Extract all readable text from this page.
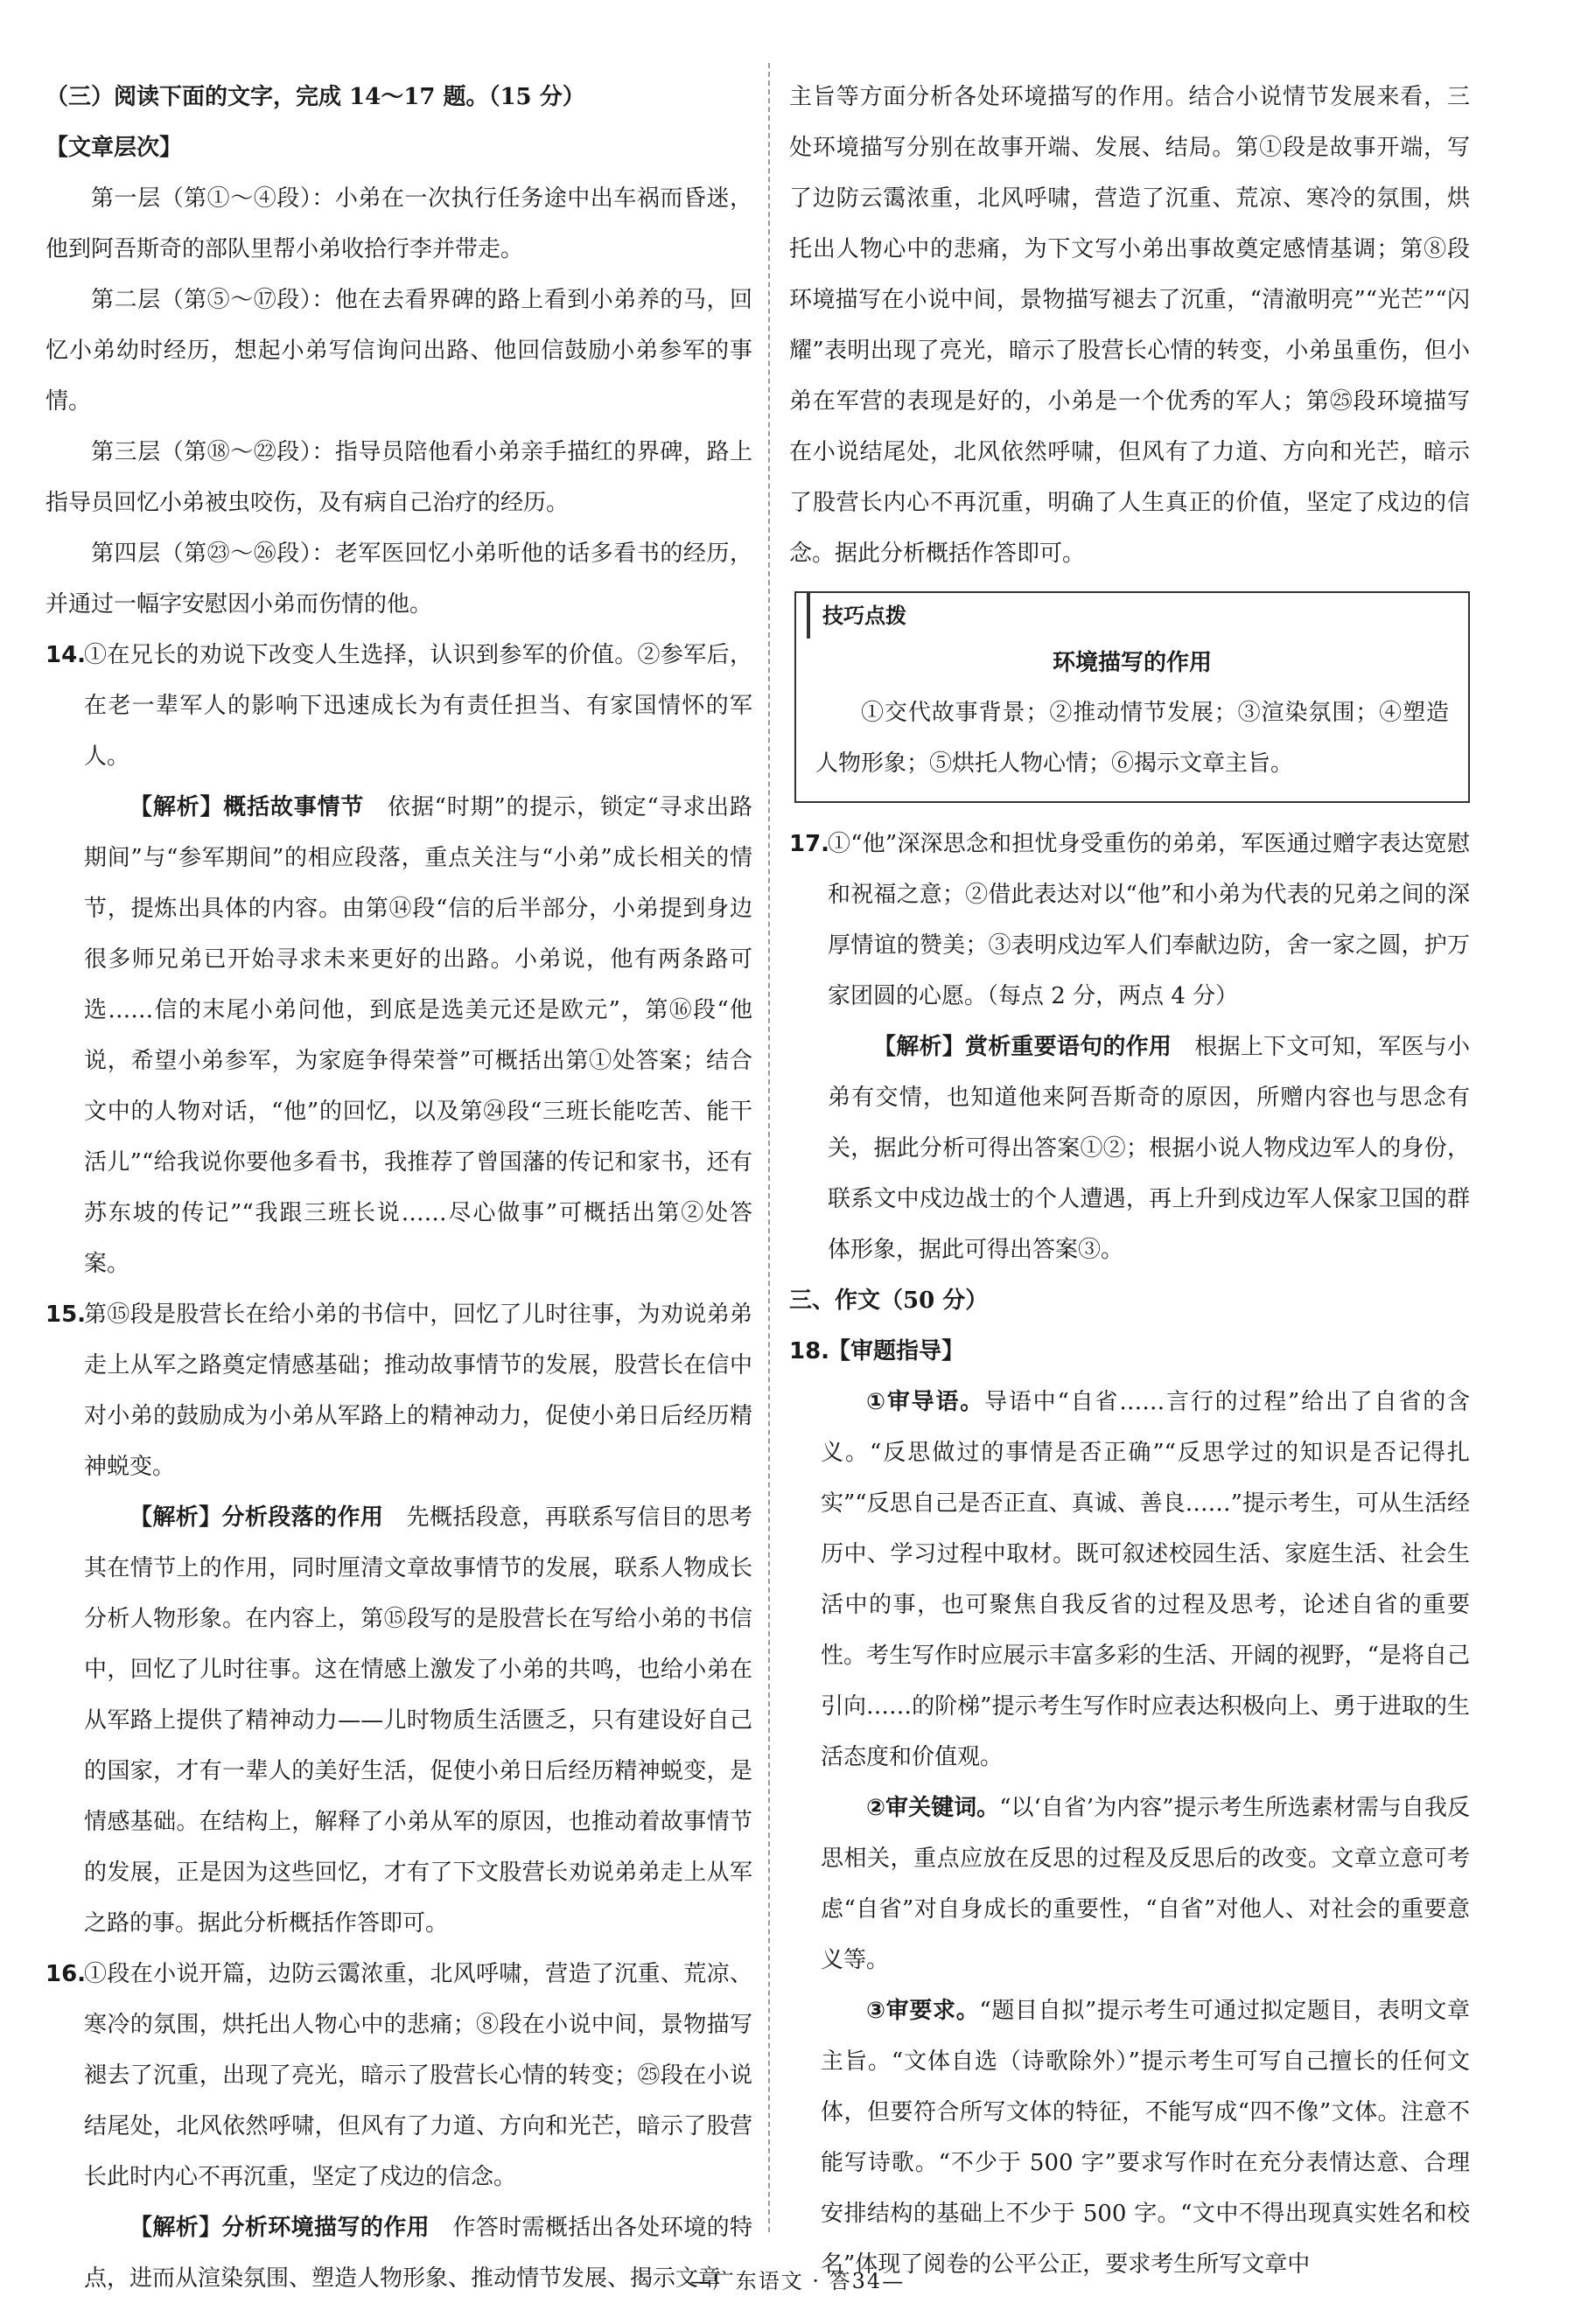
（三）阅读下面的文字，完成 14～17 题。（15 分）

【文章层次】

第一层（第①～④段）：小弟在一次执行任务途中出车祸而昏迷，他到阿吾斯奇的部队里帮小弟收拾行李并带走。

第二层（第⑤～⑰段）：他在去看界碑的路上看到小弟养的马，回忆小弟幼时经历，想起小弟写信询问出路、他回信鼓励小弟参军的事情。

第三层（第⑱～㉒段）：指导员陪他看小弟亲手描红的界碑，路上指导员回忆小弟被虫咬伤，及有病自己治疗的经历。

第四层（第㉓～㉖段）：老军医回忆小弟听他的话多看书的经历，并通过一幅字安慰因小弟而伤情的他。

14.

①在兄长的劝说下改变人生选择，认识到参军的价值。②参军后，在老一辈军人的影响下迅速成长为有责任担当、有家国情怀的军人。

【解析】概括故事情节　 依据“时期”的提示，锁定“寻求出路期间”与“参军期间”的相应段落，重点关注与“小弟”成长相关的情节，提炼出具体的内容。由第⑭段“信的后半部分，小弟提到身边很多师兄弟已开始寻求未来更好的出路。小弟说，他有两条路可选……信的末尾小弟问他，到底是选美元还是欧元”，第⑯段“他说，希望小弟参军，为家庭争得荣誉”可概括出第①处答案；结合文中的人物对话，“他”的回忆，以及第㉔段“三班长能吃苦、能干活儿”“给我说你要他多看书，我推荐了曾国藩的传记和家书，还有苏东坡的传记”“我跟三班长说……尽心做事”可概括出第②处答案。

15.

第⑮段是股营长在给小弟的书信中，回忆了儿时往事，为劝说弟弟走上从军之路奠定情感基础；推动故事情节的发展，股营长在信中对小弟的鼓励成为小弟从军路上的精神动力，促使小弟日后经历精神蜕变。

【解析】分析段落的作用　 先概括段意，再联系写信目的思考其在情节上的作用，同时厘清文章故事情节的发展，联系人物成长分析人物形象。在内容上，第⑮段写的是股营长在写给小弟的书信中，回忆了儿时往事。这在情感上激发了小弟的共鸣，也给小弟在从军路上提供了精神动力——儿时物质生活匮乏，只有建设好自己的国家，才有一辈人的美好生活，促使小弟日后经历精神蜕变，是情感基础。在结构上，解释了小弟从军的原因，也推动着故事情节的发展，正是因为这些回忆，才有了下文股营长劝说弟弟走上从军之路的事。据此分析概括作答即可。

16.

①段在小说开篇，边防云霭浓重，北风呼啸，营造了沉重、荒凉、寒冷的氛围，烘托出人物心中的悲痛；⑧段在小说中间，景物描写褪去了沉重，出现了亮光，暗示了股营长心情的转变；㉕段在小说结尾处，北风依然呼啸，但风有了力道、方向和光芒，暗示了股营长此时内心不再沉重，坚定了戍边的信念。

【解析】分析环境描写的作用　 作答时需概括出各处环境的特点，进而从渲染氛围、塑造人物形象、推动情节发展、揭示文章

主旨等方面分析各处环境描写的作用。结合小说情节发展来看，三处环境描写分别在故事开端、发展、结局。第①段是故事开端，写了边防云霭浓重，北风呼啸，营造了沉重、荒凉、寒冷的氛围，烘托出人物心中的悲痛，为下文写小弟出事故奠定感情基调；第⑧段环境描写在小说中间，景物描写褪去了沉重，“清澈明亮”“光芒”“闪耀”表明出现了亮光，暗示了股营长心情的转变，小弟虽重伤，但小弟在军营的表现是好的，小弟是一个优秀的军人；第㉕段环境描写在小说结尾处，北风依然呼啸，但风有了力道、方向和光芒，暗示了股营长内心不再沉重，明确了人生真正的价值，坚定了戍边的信念。据此分析概括作答即可。

技巧点拨
环境描写的作用

①交代故事背景；②推动情节发展；③渲染氛围；④塑造人物形象；⑤烘托人物心情；⑥揭示文章主旨。

17.

①“他”深深思念和担忧身受重伤的弟弟，军医通过赠字表达宽慰和祝福之意；②借此表达对以“他”和小弟为代表的兄弟之间的深厚情谊的赞美；③表明戍边军人们奉献边防，舍一家之圆，护万家团圆的心愿。（每点 2 分，两点 4 分）

【解析】赏析重要语句的作用　 根据上下文可知，军医与小弟有交情，也知道他来阿吾斯奇的原因，所赠内容也与思念有关，据此分析可得出答案①②；根据小说人物戍边军人的身份，联系文中戍边战士的个人遭遇，再上升到戍边军人保家卫国的群体形象，据此可得出答案③。

三、作文（50 分）

18.

【审题指导】

①审导语。导语中“自省……言行的过程”给出了自省的含义。“反思做过的事情是否正确”“反思学过的知识是否记得扎实”“反思自己是否正直、真诚、善良……”提示考生，可从生活经历中、学习过程中取材。既可叙述校园生活、家庭生活、社会生活中的事，也可聚焦自我反省的过程及思考，论述自省的重要性。考生写作时应展示丰富多彩的生活、开阔的视野，“是将自己引向……的阶梯”提示考生写作时应表达积极向上、勇于进取的生活态度和价值观。

②审关键词。“以‘自省’为内容”提示考生所选素材需与自我反思相关，重点应放在反思的过程及反思后的改变。文章立意可考虑“自省”对自身成长的重要性，“自省”对他人、对社会的重要意义等。

③审要求。“题目自拟”提示考生可通过拟定题目，表明文章主旨。“文体自选（诗歌除外）”提示考生可写自己擅长的任何文体，但要符合所写文体的特征，不能写成“四不像”文体。注意不能写诗歌。“不少于 500 字”要求写作时在充分表情达意、合理安排结构的基础上不少于 500 字。“文中不得出现真实姓名和校名”体现了阅卷的公平公正，要求考生所写文章中

—广东语文 · 答34—
